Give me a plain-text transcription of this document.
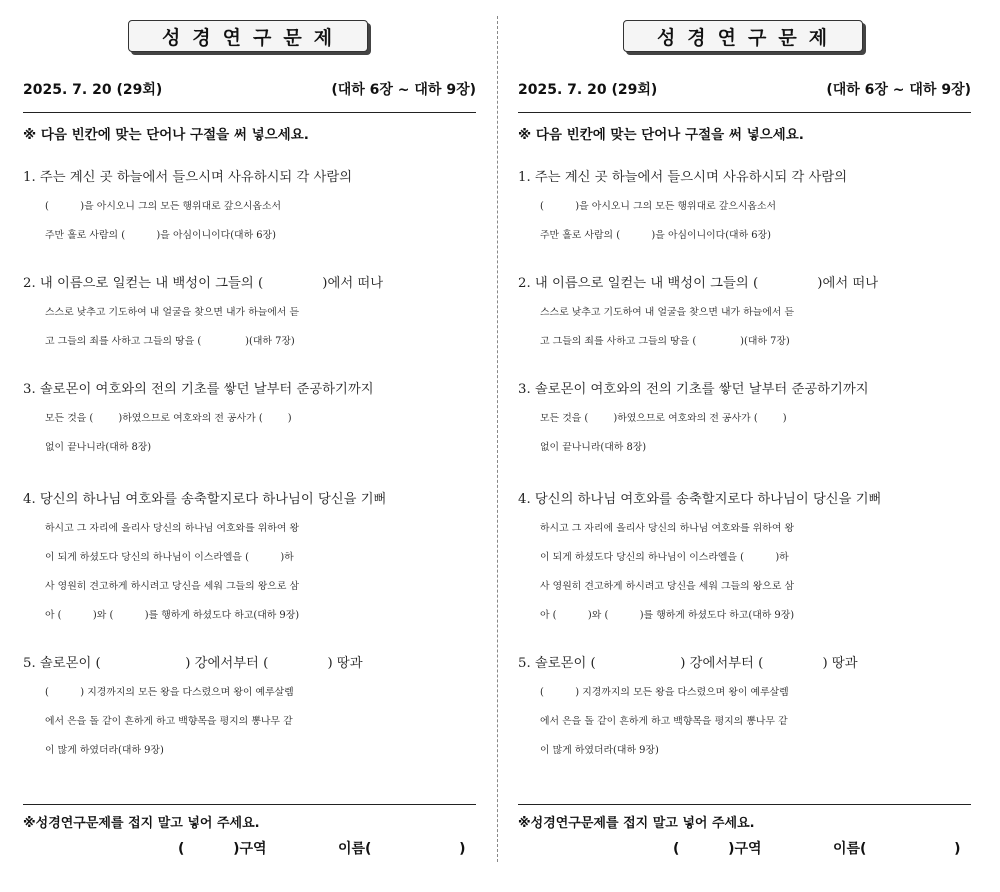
성경연구문제
2025. 7. 20 (29회)	(대하 6장 ~ 대하 9장)
※ 다음 빈칸에 맞는 단어나 구절을 써 넣으세요.
1. 주는 계신 곳 하늘에서 들으시며 사유하시되 각 사람의
(          )을 아시오니 그의 모든 행위대로 갚으시옵소서
주만 홀로 사람의 (          )을 아심이니이다(대하 6장)
2. 내 이름으로 일컫는 내 백성이 그들의 (              )에서 떠나
스스로 낮추고 기도하여 내 얼굴을 찾으면 내가 하늘에서 듣
고 그들의 죄를 사하고 그들의 땅을 (              )(대하 7장)
3. 솔로몬이 여호와의 전의 기초를 쌓던 날부터 준공하기까지
모든 것을 (        )하였으므로 여호와의 전 공사가 (        )
없이 끝나니라(대하 8장)
4. 당신의 하나님 여호와를 송축할지로다 하나님이 당신을 기뻐
하시고 그 자리에 올리사 당신의 하나님 여호와를 위하여 왕
이 되게 하셨도다 당신의 하나님이 이스라엘을 (          )하
사 영원히 견고하게 하시려고 당신을 세워 그들의 왕으로 삼
아 (          )와 (          )를 행하게 하셨도다 하고(대하 9장)
5. 솔로몬이 (                    ) 강에서부터 (              ) 땅과
(          ) 지경까지의 모든 왕을 다스렸으며 왕이 예루살렘
에서 은을 돌 같이 흔하게 하고 백향목을 평지의 뽕나무 같
이 많게 하였더라(대하 9장)
※성경연구문제를 접지 말고 넣어 주세요.
(          )구역	이름(                  )
성경연구문제
2025. 7. 20 (29회)	(대하 6장 ~ 대하 9장)
※ 다음 빈칸에 맞는 단어나 구절을 써 넣으세요.
1. 주는 계신 곳 하늘에서 들으시며 사유하시되 각 사람의
(          )을 아시오니 그의 모든 행위대로 갚으시옵소서
주만 홀로 사람의 (          )을 아심이니이다(대하 6장)
2. 내 이름으로 일컫는 내 백성이 그들의 (              )에서 떠나
스스로 낮추고 기도하여 내 얼굴을 찾으면 내가 하늘에서 듣
고 그들의 죄를 사하고 그들의 땅을 (              )(대하 7장)
3. 솔로몬이 여호와의 전의 기초를 쌓던 날부터 준공하기까지
모든 것을 (        )하였으므로 여호와의 전 공사가 (        )
없이 끝나니라(대하 8장)
4. 당신의 하나님 여호와를 송축할지로다 하나님이 당신을 기뻐
하시고 그 자리에 올리사 당신의 하나님 여호와를 위하여 왕
이 되게 하셨도다 당신의 하나님이 이스라엘을 (          )하
사 영원히 견고하게 하시려고 당신을 세워 그들의 왕으로 삼
아 (          )와 (          )를 행하게 하셨도다 하고(대하 9장)
5. 솔로몬이 (                    ) 강에서부터 (              ) 땅과
(          ) 지경까지의 모든 왕을 다스렸으며 왕이 예루살렘
에서 은을 돌 같이 흔하게 하고 백향목을 평지의 뽕나무 같
이 많게 하였더라(대하 9장)
※성경연구문제를 접지 말고 넣어 주세요.
(          )구역	이름(                  )
